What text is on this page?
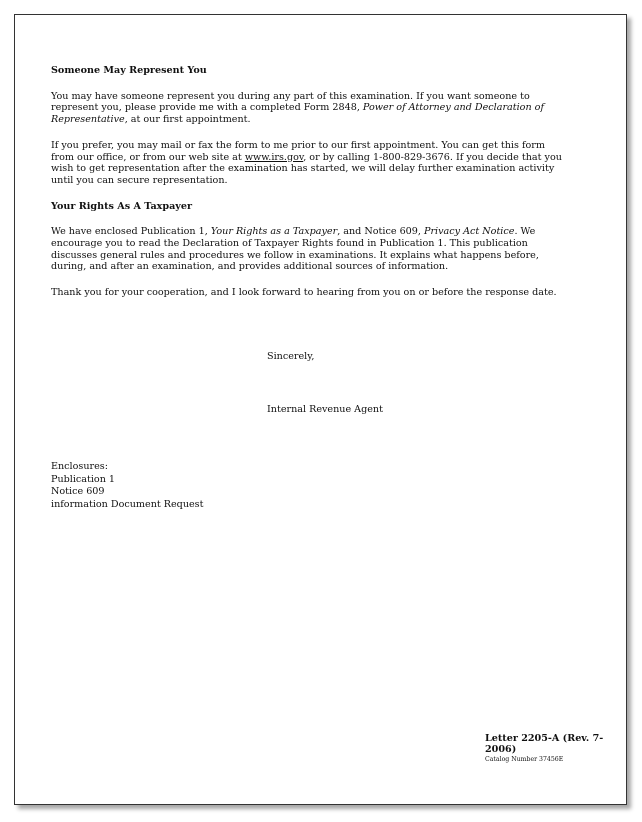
Someone May Represent You

You may have someone represent you during any part of this examination. If you want someone to represent you, please provide me with a completed Form 2848, Power of Attorney and Declaration of Representative, at our first appointment.

If you prefer, you may mail or fax the form to me prior to our first appointment. You can get this form from our office, or from our web site at www.irs.gov, or by calling 1-800-829-3676. If you decide that you wish to get representation after the examination has started, we will delay further examination activity until you can secure representation.

Your Rights As A Taxpayer

We have enclosed Publication 1, Your Rights as a Taxpayer, and Notice 609, Privacy Act Notice. We encourage you to read the Declaration of Taxpayer Rights found in Publication 1. This publication discusses general rules and procedures we follow in examinations. It explains what happens before, during, and after an examination, and provides additional sources of information.

Thank you for your cooperation, and I look forward to hearing from you on or before the response date.

Sincerely,
Internal Revenue Agent
Enclosures:
Publication 1
Notice 609
information Document Request
Letter 2205-A (Rev. 7-2006)
Catalog Number 37456E
